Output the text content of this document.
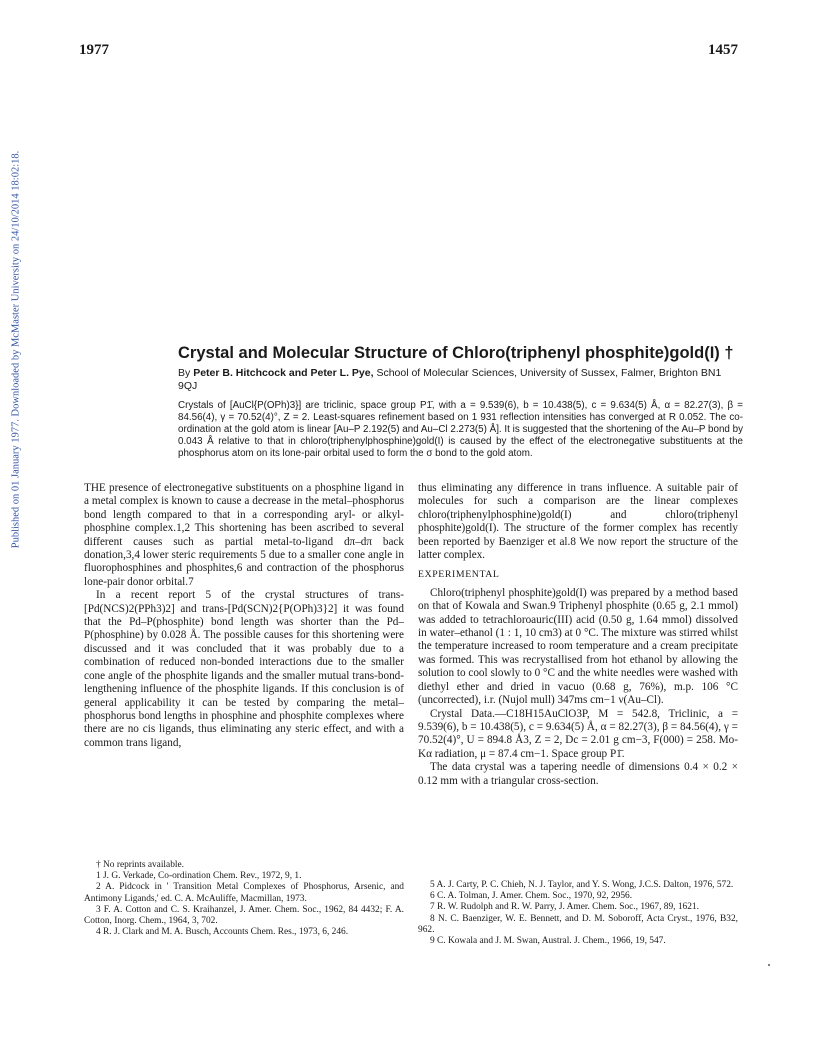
1977	1457
Published on 01 January 1977. Downloaded by McMaster University on 24/10/2014 18:02:18.	Crystal and Molecular Structure of Chloro(triphenyl phosphite)gold(I) †
By Peter B. Hitchcock and Peter L. Pye, School of Molecular Sciences, University of Sussex, Falmer, Brighton BN1 9QJ
Crystals of [AuCl{P(OPh)3}] are triclinic, space group P1̄, with a = 9.539(6), b = 10.438(5), c = 9.634(5) Å, α = 82.27(3), β = 84.56(4), γ = 70.52(4)°, Z = 2. Least-squares refinement based on 1 931 reflection intensities has converged at R 0.052. The co-ordination at the gold atom is linear [Au–P 2.192(5) and Au–Cl 2.273(5) Å]. It is suggested that the shortening of the Au–P bond by 0.043 Å relative to that in chloro(triphenylphosphine)gold(I) is caused by the effect of the electronegative substituents at the phosphorus atom on its lone-pair orbital used to form the σ bond to the gold atom.

THE presence of electronegative substituents on a phosphine ligand in a metal complex is known to cause a decrease in the metal–phosphorus bond length compared to that in a corresponding aryl- or alkyl-phosphine complex.1,2 This shortening has been ascribed to several different causes such as partial metal-to-ligand dπ–dπ back donation,3,4 lower steric requirements 5 due to a smaller cone angle in fluorophosphines and phosphites,6 and contraction of the phosphorus lone-pair donor orbital.7

In a recent report 5 of the crystal structures of trans-[Pd(NCS)2(PPh3)2] and trans-[Pd(SCN)2{P(OPh)3}2] it was found that the Pd–P(phosphite) bond length was shorter than the Pd–P(phosphine) by 0.028 Å. The possible causes for this shortening were discussed and it was concluded that it was probably due to a combination of reduced non-bonded interactions due to the smaller cone angle of the phosphite ligands and the smaller mutual trans-bond-lengthening influence of the phosphite ligands. If this conclusion is of general applicability it can be tested by comparing the metal–phosphorus bond lengths in phosphine and phosphite complexes where there are no cis ligands, thus eliminating any steric effect, and with a common trans ligand,

thus eliminating any difference in trans influence. A suitable pair of molecules for such a comparison are the linear complexes chloro(triphenylphosphine)gold(I) and chloro(triphenyl phosphite)gold(I). The structure of the former complex has recently been reported by Baenziger et al.8 We now report the structure of the latter complex.

EXPERIMENTAL

Chloro(triphenyl phosphite)gold(I) was prepared by a method based on that of Kowala and Swan.9 Triphenyl phosphite (0.65 g, 2.1 mmol) was added to tetrachloroauric(III) acid (0.50 g, 1.64 mmol) dissolved in water–ethanol (1 : 1, 10 cm3) at 0 °C. The mixture was stirred whilst the temperature increased to room temperature and a cream precipitate was formed. This was recrystallised from hot ethanol by allowing the solution to cool slowly to 0 °C and the white needles were washed with diethyl ether and dried in vacuo (0.68 g, 76%), m.p. 106 °C (uncorrected), i.r. (Nujol mull) 347ms cm−1 ν(Au–Cl).

Crystal Data.—C18H15AuClO3P, M = 542.8, Triclinic, a = 9.539(6), b = 10.438(5), c = 9.634(5) Å, α = 82.27(3), β = 84.56(4), γ = 70.52(4)°, U = 894.8 Å3, Z = 2, Dc = 2.01 g cm−3, F(000) = 258. Mo-Kα radiation, μ = 87.4 cm−1. Space group P1̄.

The data crystal was a tapering needle of dimensions 0.4 × 0.2 × 0.12 mm with a triangular cross-section.

† No reprints available.
1 J. G. Verkade, Co-ordination Chem. Rev., 1972, 9, 1.
2 A. Pidcock in ' Transition Metal Complexes of Phosphorus, Arsenic, and Antimony Ligands,' ed. C. A. McAuliffe, Macmillan, 1973.
3 F. A. Cotton and C. S. Kraihanzel, J. Amer. Chem. Soc., 1962, 84 4432; F. A. Cotton, Inorg. Chem., 1964, 3, 702.
4 R. J. Clark and M. A. Busch, Accounts Chem. Res., 1973, 6, 246.
5 A. J. Carty, P. C. Chieh, N. J. Taylor, and Y. S. Wong, J.C.S. Dalton, 1976, 572.
6 C. A. Tolman, J. Amer. Chem. Soc., 1970, 92, 2956.
7 R. W. Rudolph and R. W. Parry, J. Amer. Chem. Soc., 1967, 89, 1621.
8 N. C. Baenziger, W. E. Bennett, and D. M. Soboroff, Acta Cryst., 1976, B32, 962.
9 C. Kowala and J. M. Swan, Austral. J. Chem., 1966, 19, 547.
